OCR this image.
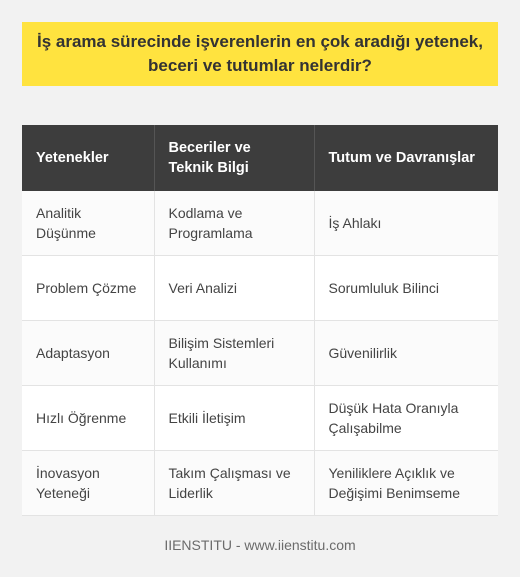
İş arama sürecinde işverenlerin en çok aradığı yetenek,
beceri ve tutumlar nelerdir?
Yetenekler	Beceriler ve Teknik Bilgi	Tutum ve Davranışlar
Analitik Düşünme	Kodlama ve Programlama	İş Ahlakı
Problem Çözme	Veri Analizi	Sorumluluk Bilinci
Adaptasyon	Bilişim Sistemleri Kullanımı	Güvenilirlik
Hızlı Öğrenme	Etkili İletişim	Düşük Hata Oranıyla Çalışabilme
İnovasyon Yeteneği	Takım Çalışması ve Liderlik	Yeniliklere Açıklık ve Değişimi Benimseme
IIENSTITU - www.iienstitu.com
